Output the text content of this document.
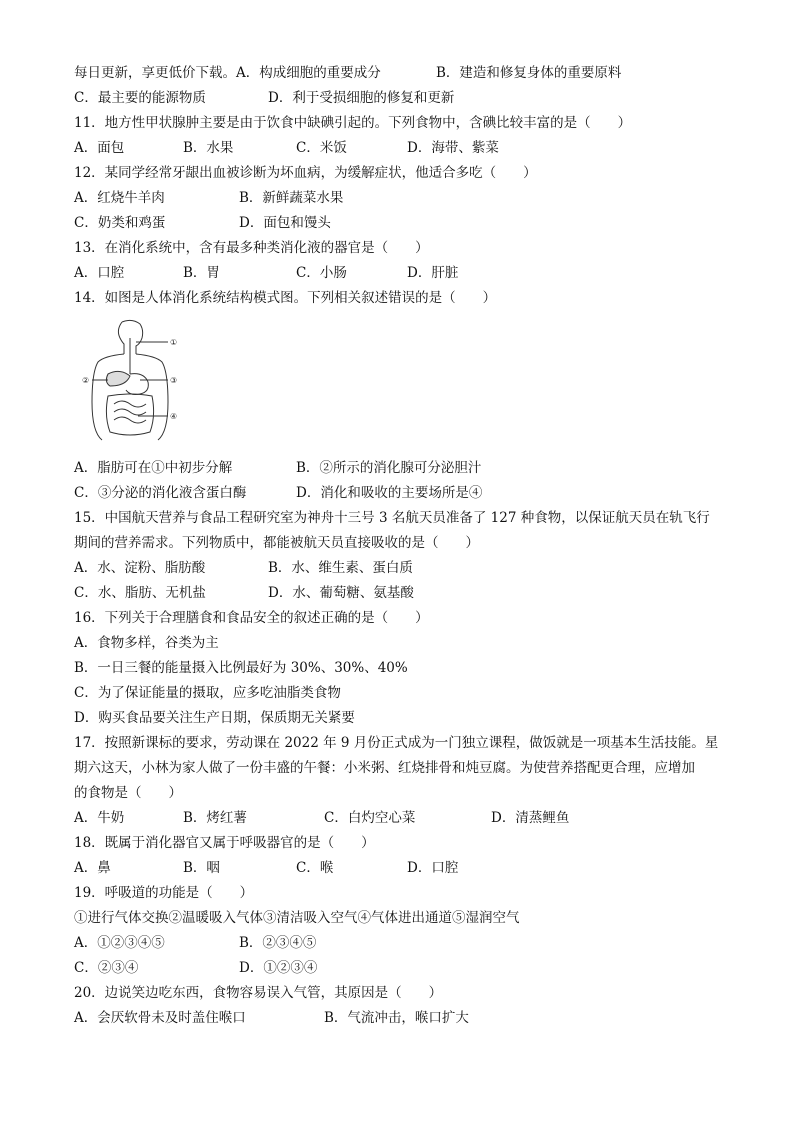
每日更新，享更低价下载。A．构成细胞的重要成分	B．建造和修复身体的重要原料
C．最主要的能源物质	D．利于受损细胞的修复和更新
11．地方性甲状腺肿主要是由于饮食中缺碘引起的。下列食物中，含碘比较丰富的是（　　）
A．面包	B．水果	C．米饭	D．海带、紫菜
12．某同学经常牙龈出血被诊断为坏血病，为缓解症状，他适合多吃（　　）
A．红烧牛羊肉	B．新鲜蔬菜水果
C．奶类和鸡蛋	D．面包和馒头
13．在消化系统中，含有最多种类消化液的器官是（　　）
A．口腔	B．胃	C．小肠	D．肝脏
14．如图是人体消化系统结构模式图。下列相关叙述错误的是（　　）
①
③
②
④
A．脂肪可在①中初步分解	B．②所示的消化腺可分泌胆汁
C．③分泌的消化液含蛋白酶	D．消化和吸收的主要场所是④
15．中国航天营养与食品工程研究室为神舟十三号 3 名航天员准备了 127 种食物，以保证航天员在轨飞行
期间的营养需求。下列物质中，都能被航天员直接吸收的是（　　）
A．水、淀粉、脂肪酸	B．水、维生素、蛋白质
C．水、脂肪、无机盐	D．水、葡萄糖、氨基酸
16．下列关于合理膳食和食品安全的叙述正确的是（　　）
A．食物多样，谷类为主
B．一日三餐的能量摄入比例最好为 30%、30%、40%
C．为了保证能量的摄取，应多吃油脂类食物
D．购买食品要关注生产日期，保质期无关紧要
17．按照新课标的要求，劳动课在 2022 年 9 月份正式成为一门独立课程，做饭就是一项基本生活技能。星
期六这天，小林为家人做了一份丰盛的午餐：小米粥、红烧排骨和炖豆腐。为使营养搭配更合理，应增加
的食物是（　　）
A．牛奶	B．烤红薯	C．白灼空心菜	D．清蒸鲤鱼
18．既属于消化器官又属于呼吸器官的是（　　）
A．鼻	B．咽	C．喉	D．口腔
19．呼吸道的功能是（　　）
①进行气体交换②温暖吸入气体③清洁吸入空气④气体进出通道⑤湿润空气
A．①②③④⑤	B．②③④⑤
C．②③④	D．①②③④
20．边说笑边吃东西，食物容易误入气管，其原因是（　　）
A．会厌软骨未及时盖住喉口	B．气流冲击，喉口扩大
